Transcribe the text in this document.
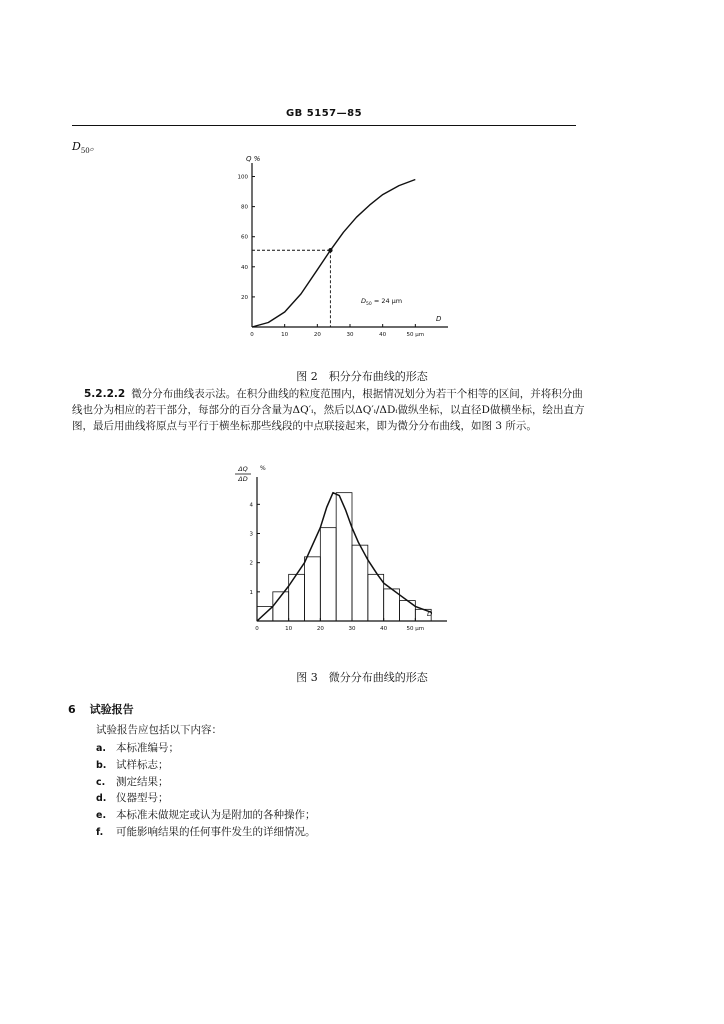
GB 5157—85
$D_{50}$。
0	10	20	30	40	50 μm
20
40
60
80
100
Q %
D
$D_{50} = 24$ μm
图 2　积分分布曲线的形态

5.2.2.2 微分分布曲线表示法。在积分曲线的粒度范围内，根据情况划分为若干个相等的区间，并将积分曲线也分为相应的若干部分，每部分的百分含量为ΔQ′ᵢ，然后以ΔQ′ᵢ/ΔDᵢ做纵坐标，以直径D做横坐标，绘出直方图，最后用曲线将原点与平行于横坐标那些线段的中点联接起来，即为微分分布曲线，如图 3 所示。

0	10	20	30	40	50 μm
1
2
3
4
ΔQ
ΔD
%
D
图 3　微分分布曲线的形态
6 试验报告
试验报告应包括以下内容：
a. 本标准编号；
b. 试样标志；
c. 测定结果；
d. 仪器型号；
e. 本标准未做规定或认为是附加的各种操作；
f. 可能影响结果的任何事件发生的详细情况。
